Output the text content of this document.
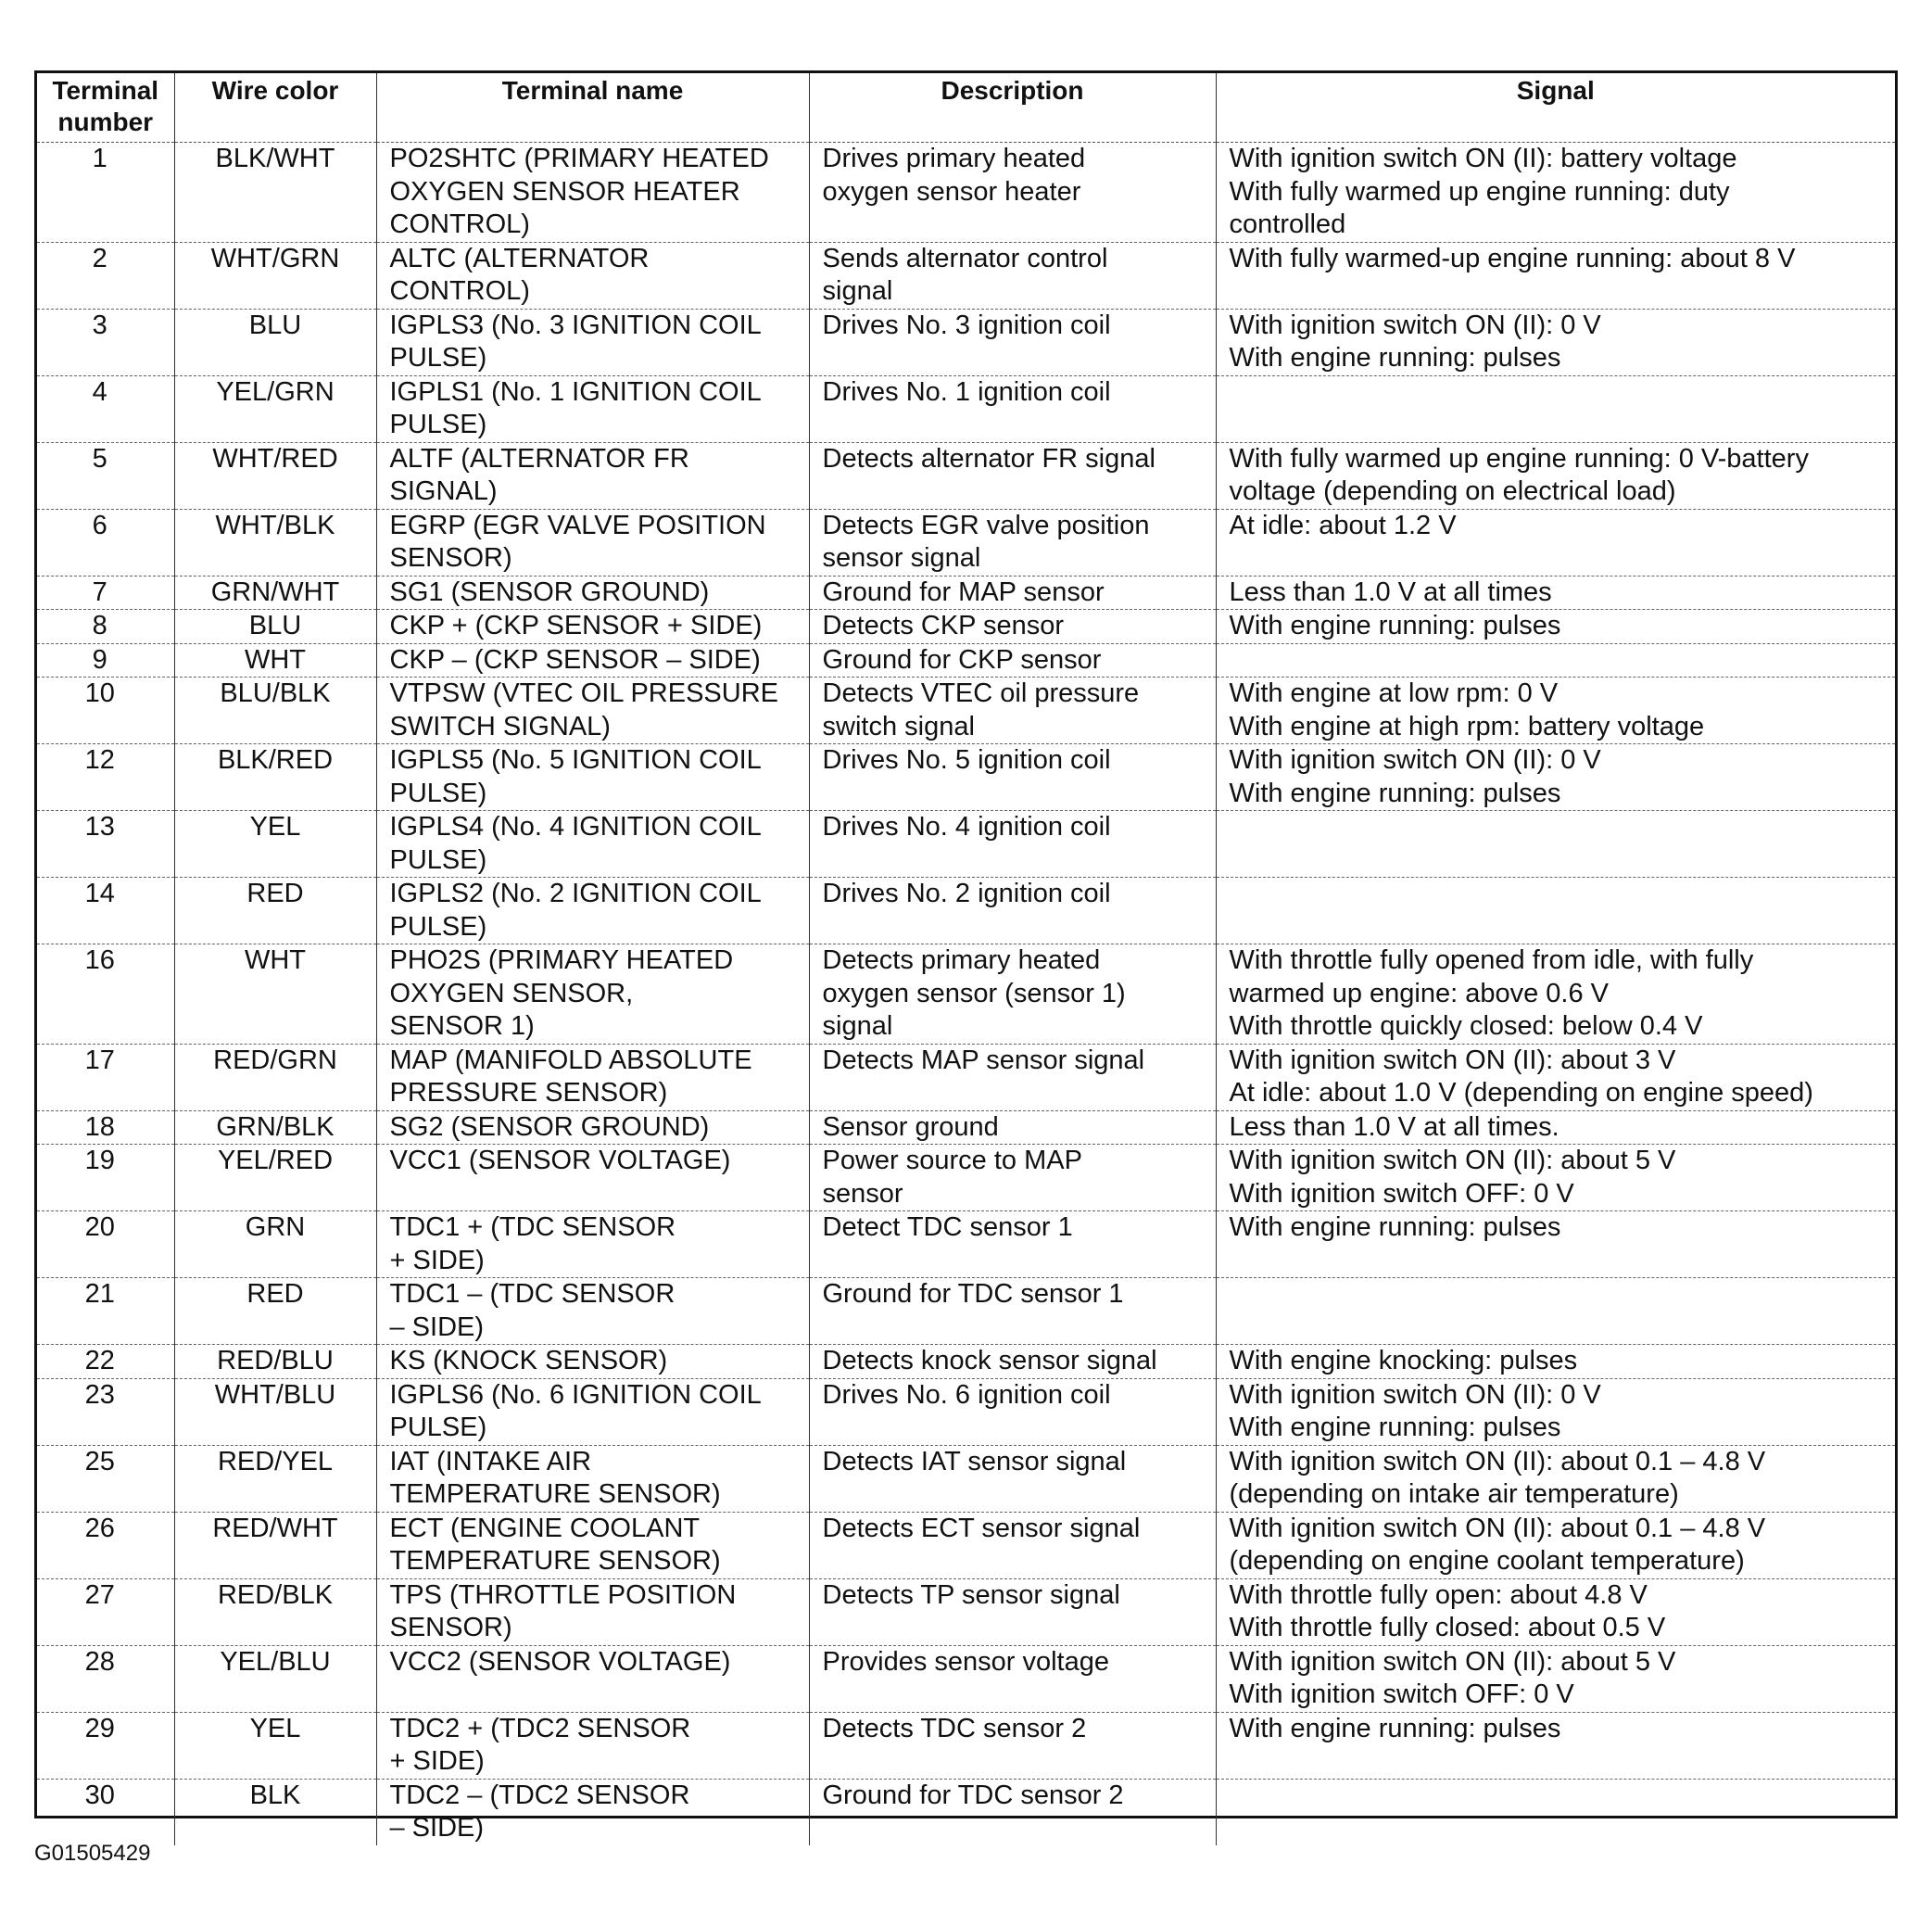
Terminal
number	Wire color	Terminal name	Description	Signal
1	BLK/WHT	PO2SHTC (PRIMARY HEATED
OXYGEN SENSOR HEATER
CONTROL)	Drives primary heated
oxygen sensor heater	With ignition switch ON (II): battery voltage
With fully warmed up engine running: duty
controlled
2	WHT/GRN	ALTC (ALTERNATOR
CONTROL)	Sends alternator control
signal	With fully warmed-up engine running: about 8 V
3	BLU	IGPLS3 (No. 3 IGNITION COIL
PULSE)	Drives No. 3 ignition coil	With ignition switch ON (II): 0 V
With engine running: pulses
4	YEL/GRN	IGPLS1 (No. 1 IGNITION COIL
PULSE)	Drives No. 1 ignition coil	
5	WHT/RED	ALTF (ALTERNATOR FR
SIGNAL)	Detects alternator FR signal	With fully warmed up engine running: 0 V-battery
voltage (depending on electrical load)
6	WHT/BLK	EGRP (EGR VALVE POSITION
SENSOR)	Detects EGR valve position
sensor signal	At idle: about 1.2 V
7	GRN/WHT	SG1 (SENSOR GROUND)	Ground for MAP sensor	Less than 1.0 V at all times
8	BLU	CKP + (CKP SENSOR + SIDE)	Detects CKP sensor	With engine running: pulses
9	WHT	CKP – (CKP SENSOR – SIDE)	Ground for CKP sensor	
10	BLU/BLK	VTPSW (VTEC OIL PRESSURE
SWITCH SIGNAL)	Detects VTEC oil pressure
switch signal	With engine at low rpm: 0 V
With engine at high rpm: battery voltage
12	BLK/RED	IGPLS5 (No. 5 IGNITION COIL
PULSE)	Drives No. 5 ignition coil	With ignition switch ON (II): 0 V
With engine running: pulses
13	YEL	IGPLS4 (No. 4 IGNITION COIL
PULSE)	Drives No. 4 ignition coil	
14	RED	IGPLS2 (No. 2 IGNITION COIL
PULSE)	Drives No. 2 ignition coil	
16	WHT	PHO2S (PRIMARY HEATED
OXYGEN SENSOR,
SENSOR 1)	Detects primary heated
oxygen sensor (sensor 1)
signal	With throttle fully opened from idle, with fully
warmed up engine: above 0.6 V
With throttle quickly closed: below 0.4 V
17	RED/GRN	MAP (MANIFOLD ABSOLUTE
PRESSURE SENSOR)	Detects MAP sensor signal	With ignition switch ON (II): about 3 V
At idle: about 1.0 V (depending on engine speed)
18	GRN/BLK	SG2 (SENSOR GROUND)	Sensor ground	Less than 1.0 V at all times.
19	YEL/RED	VCC1 (SENSOR VOLTAGE)	Power source to MAP
sensor	With ignition switch ON (II): about 5 V
With ignition switch OFF: 0 V
20	GRN	TDC1 + (TDC SENSOR
+ SIDE)	Detect TDC sensor 1	With engine running: pulses
21	RED	TDC1 – (TDC SENSOR
– SIDE)	Ground for TDC sensor 1	
22	RED/BLU	KS (KNOCK SENSOR)	Detects knock sensor signal	With engine knocking: pulses
23	WHT/BLU	IGPLS6 (No. 6 IGNITION COIL
PULSE)	Drives No. 6 ignition coil	With ignition switch ON (II): 0 V
With engine running: pulses
25	RED/YEL	IAT (INTAKE AIR
TEMPERATURE SENSOR)	Detects IAT sensor signal	With ignition switch ON (II): about 0.1 – 4.8 V
(depending on intake air temperature)
26	RED/WHT	ECT (ENGINE COOLANT
TEMPERATURE SENSOR)	Detects ECT sensor signal	With ignition switch ON (II): about 0.1 – 4.8 V
(depending on engine coolant temperature)
27	RED/BLK	TPS (THROTTLE POSITION
SENSOR)	Detects TP sensor signal	With throttle fully open: about 4.8 V
With throttle fully closed: about 0.5 V
28	YEL/BLU	VCC2 (SENSOR VOLTAGE)	Provides sensor voltage	With ignition switch ON (II): about 5 V
With ignition switch OFF: 0 V
29	YEL	TDC2 + (TDC2 SENSOR
+ SIDE)	Detects TDC sensor 2	With engine running: pulses
30	BLK	TDC2 – (TDC2 SENSOR
– SIDE)	Ground for TDC sensor 2	
G01505429
